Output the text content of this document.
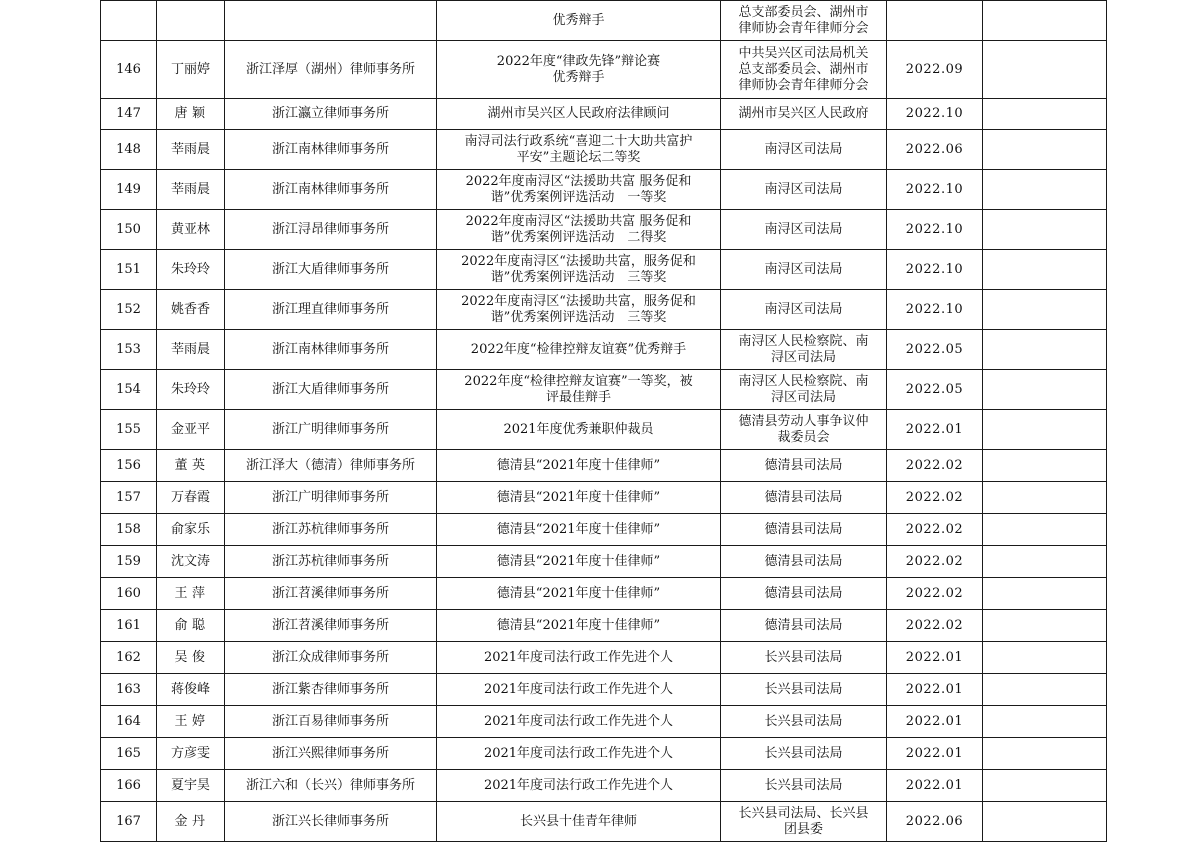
			优秀辩手	总支部委员会、湖州市
律师协会青年律师分会		

146	丁丽婷	浙江泽厚（湖州）律师事务所	2022年度“律政先锋”辩论赛
优秀辩手	中共吴兴区司法局机关
总支部委员会、湖州市
律师协会青年律师分会	2022.09	
147	唐颖	浙江瀛立律师事务所	湖州市吴兴区人民政府法律顾问	湖州市吴兴区人民政府	2022.10	
148	莘雨晨	浙江南林律师事务所	南浔司法行政系统“喜迎二十大助共富护
平安”主题论坛二等奖	南浔区司法局	2022.06	
149	莘雨晨	浙江南林律师事务所	2022年度南浔区“法援助共富 服务促和
谐”优秀案例评选活动　一等奖	南浔区司法局	2022.10	
150	黄亚林	浙江浔昂律师事务所	2022年度南浔区“法援助共富 服务促和
谐”优秀案例评选活动　二得奖	南浔区司法局	2022.10	
151	朱玲玲	浙江大盾律师事务所	2022年度南浔区“法援助共富，服务促和
谐”优秀案例评选活动　三等奖	南浔区司法局	2022.10	
152	姚香香	浙江理直律师事务所	2022年度南浔区“法援助共富，服务促和
谐”优秀案例评选活动　三等奖	南浔区司法局	2022.10	
153	莘雨晨	浙江南林律师事务所	2022年度“检律控辩友谊赛”优秀辩手	南浔区人民检察院、南
浔区司法局	2022.05	
154	朱玲玲	浙江大盾律师事务所	2022年度“检律控辩友谊赛”一等奖，被
评最佳辩手	南浔区人民检察院、南
浔区司法局	2022.05	
155	金亚平	浙江广明律师事务所	2021年度优秀兼职仲裁员	德清县劳动人事争议仲
裁委员会	2022.01	
156	董英	浙江泽大（德清）律师事务所	德清县“2021年度十佳律师”	德清县司法局	2022.02	
157	万春霞	浙江广明律师事务所	德清县“2021年度十佳律师”	德清县司法局	2022.02	
158	俞家乐	浙江苏杭律师事务所	德清县“2021年度十佳律师”	德清县司法局	2022.02	
159	沈文涛	浙江苏杭律师事务所	德清县“2021年度十佳律师”	德清县司法局	2022.02	
160	王萍	浙江苕溪律师事务所	德清县“2021年度十佳律师”	德清县司法局	2022.02	
161	俞聪	浙江苕溪律师事务所	德清县“2021年度十佳律师”	德清县司法局	2022.02	
162	吴俊	浙江众成律师事务所	2021年度司法行政工作先进个人	长兴县司法局	2022.01	
163	蒋俊峰	浙江紫杏律师事务所	2021年度司法行政工作先进个人	长兴县司法局	2022.01	
164	王婷	浙江百易律师事务所	2021年度司法行政工作先进个人	长兴县司法局	2022.01	
165	方彦雯	浙江兴熙律师事务所	2021年度司法行政工作先进个人	长兴县司法局	2022.01	
166	夏宇昊	浙江六和（长兴）律师事务所	2021年度司法行政工作先进个人	长兴县司法局	2022.01	
167	金丹	浙江兴长律师事务所	长兴县十佳青年律师	长兴县司法局、长兴县
团县委	2022.06	
